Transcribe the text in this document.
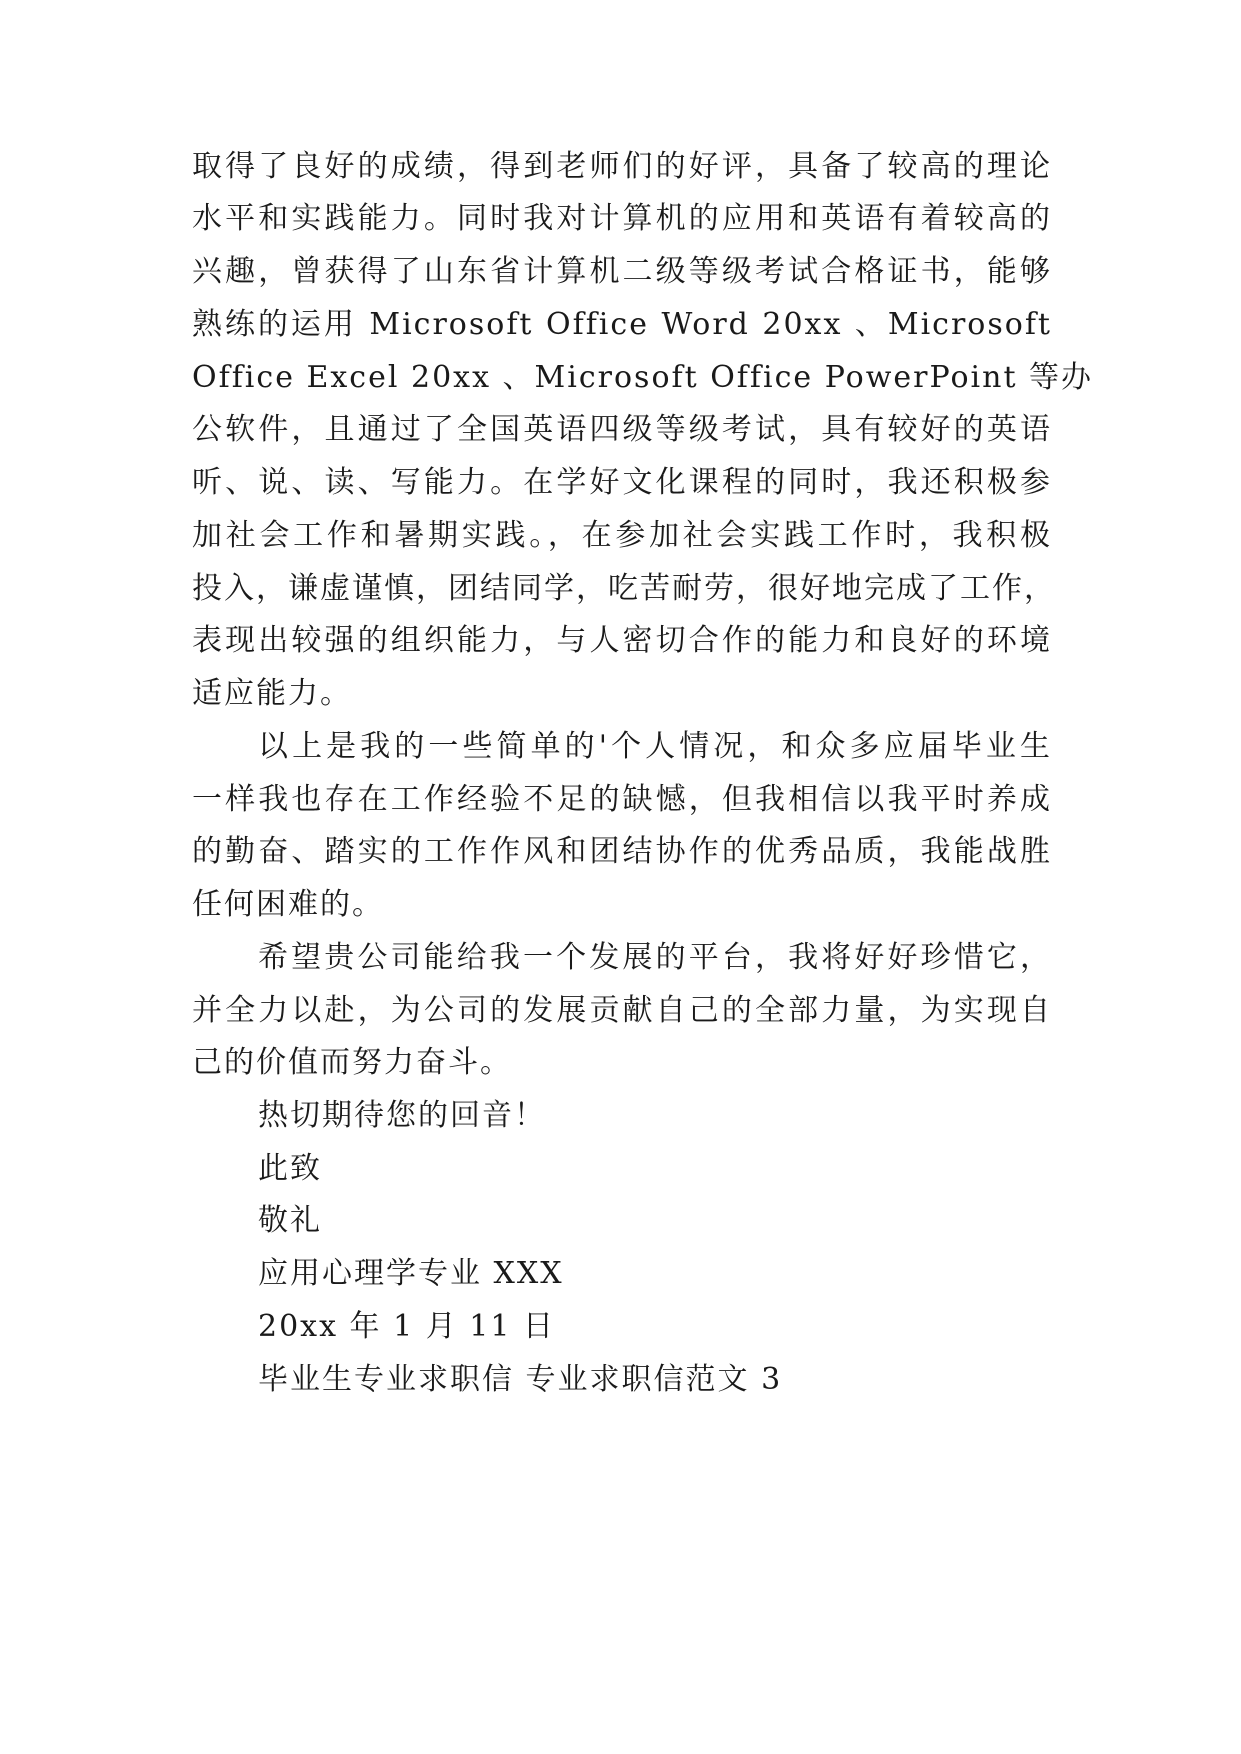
取得了良好的成绩，得到老师们的好评，具备了较高的理论
水平和实践能力。同时我对计算机的应用和英语有着较高的
兴趣，曾获得了山东省计算机二级等级考试合格证书，能够
熟练的运用 Microsoft Office Word 20xx 、Microsoft
Office Excel 20xx 、Microsoft Office PowerPoint 等办
公软件，且通过了全国英语四级等级考试，具有较好的英语
听、说、读、写能力。在学好文化课程的同时，我还积极参
加社会工作和暑期实践。，在参加社会实践工作时，我积极
投入，谦虚谨慎，团结同学，吃苦耐劳，很好地完成了工作，
表现出较强的组织能力，与人密切合作的能力和良好的环境
适应能力。
以上是我的一些简单的'个人情况，和众多应届毕业生
一样我也存在工作经验不足的缺憾，但我相信以我平时养成
的勤奋、踏实的工作作风和团结协作的优秀品质，我能战胜
任何困难的。
希望贵公司能给我一个发展的平台，我将好好珍惜它，
并全力以赴，为公司的发展贡献自己的全部力量，为实现自
己的价值而努力奋斗。
热切期待您的回音！
此致
敬礼
应用心理学专业 XXX
20xx 年 1 月 11 日
毕业生专业求职信 专业求职信范文 3
